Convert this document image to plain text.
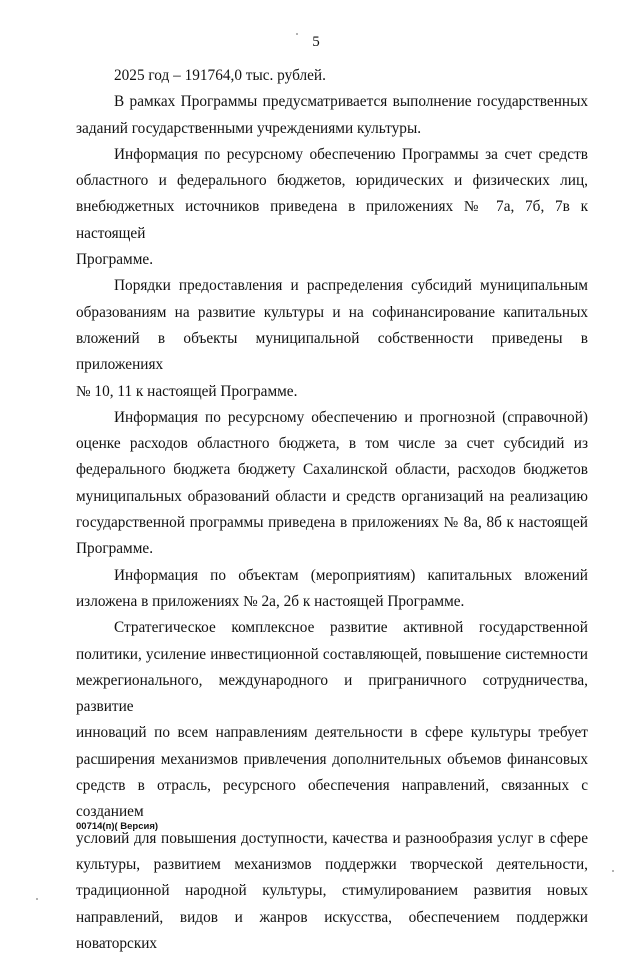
5

2025 год – 191764,0 тыс. рублей.

В рамках Программы предусматривается выполнение государственных
заданий государственными учреждениями культуры.

Информация по ресурсному обеспечению Программы за счет средств
областного и федерального бюджетов, юридических и физических лиц,
внебюджетных источников приведена в приложениях № 7а, 7б, 7в к настоящей
Программе.

Порядки предоставления и распределения субсидий муниципальным
образованиям на развитие культуры и на софинансирование капитальных
вложений в объекты муниципальной собственности приведены в приложениях
№ 10, 11 к настоящей Программе.

Информация по ресурсному обеспечению и прогнозной (справочной)
оценке расходов областного бюджета, в том числе за счет субсидий из
федерального бюджета бюджету Сахалинской области, расходов бюджетов
муниципальных образований области и средств организаций на реализацию
государственной программы приведена в приложениях № 8а, 8б к настоящей
Программе.

Информация по объектам (мероприятиям) капитальных вложений
изложена в приложениях № 2а, 2б к настоящей Программе.

Стратегическое комплексное развитие активной государственной
политики, усиление инвестиционной составляющей, повышение системности
межрегионального, международного и приграничного сотрудничества, развитие
инноваций по всем направлениям деятельности в сфере культуры требует
расширения механизмов привлечения дополнительных объемов финансовых
средств в отрасль, ресурсного обеспечения направлений, связанных с созданием
условий для повышения доступности, качества и разнообразия услуг в сфере
культуры, развитием механизмов поддержки творческой деятельности,
традиционной народной культуры, стимулированием развития новых
направлений, видов и жанров искусства, обеспечением поддержки новаторских

00714(п)( Версия)
